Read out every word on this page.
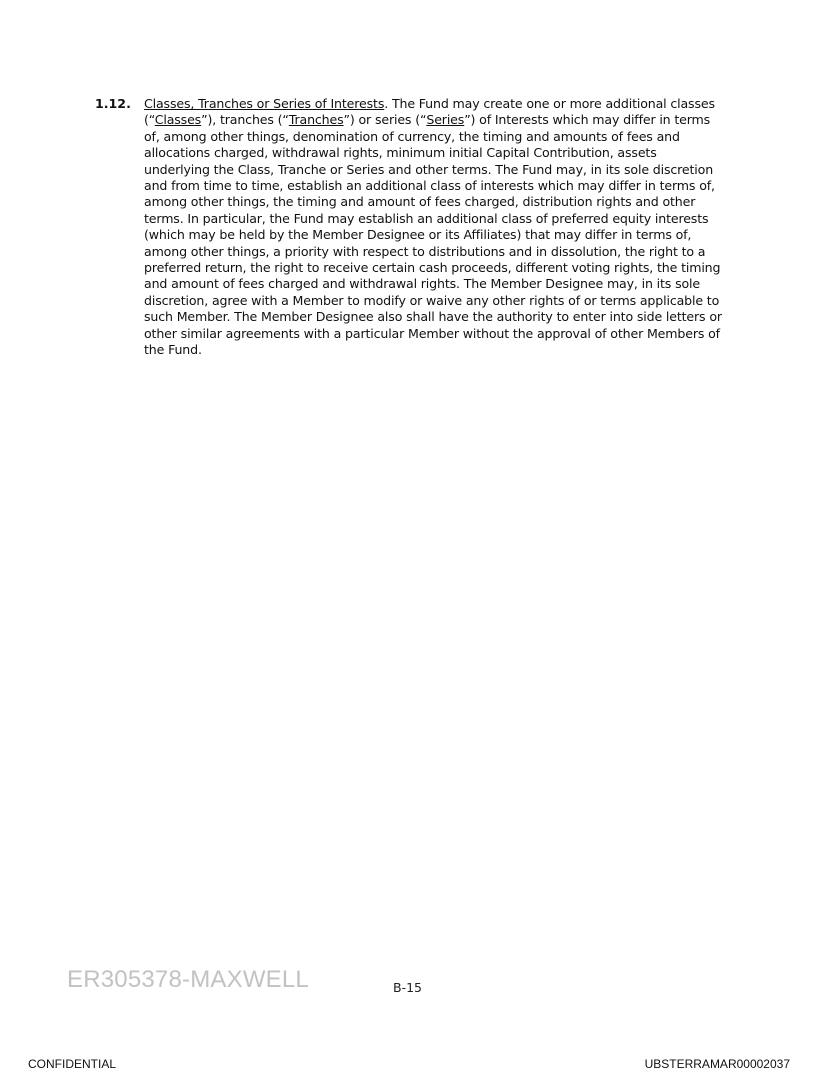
1.12. Classes, Tranches or Series of Interests. The Fund may create one or more additional classes (“Classes”), tranches (“Tranches”) or series (“Series”) of Interests which may differ in terms of, among other things, denomination of currency, the timing and amounts of fees and allocations charged, withdrawal rights, minimum initial Capital Contribution, assets underlying the Class, Tranche or Series and other terms. The Fund may, in its sole discretion and from time to time, establish an additional class of interests which may differ in terms of, among other things, the timing and amount of fees charged, distribution rights and other terms. In particular, the Fund may establish an additional class of preferred equity interests (which may be held by the Member Designee or its Affiliates) that may differ in terms of, among other things, a priority with respect to distributions and in dissolution, the right to a preferred return, the right to receive certain cash proceeds, different voting rights, the timing and amount of fees charged and withdrawal rights. The Member Designee may, in its sole discretion, agree with a Member to modify or waive any other rights of or terms applicable to such Member. The Member Designee also shall have the authority to enter into side letters or other similar agreements with a particular Member without the approval of other Members of the Fund.

ER305378-MAXWELL	B-15
CONFIDENTIAL	UBSTERRAMAR00002037
